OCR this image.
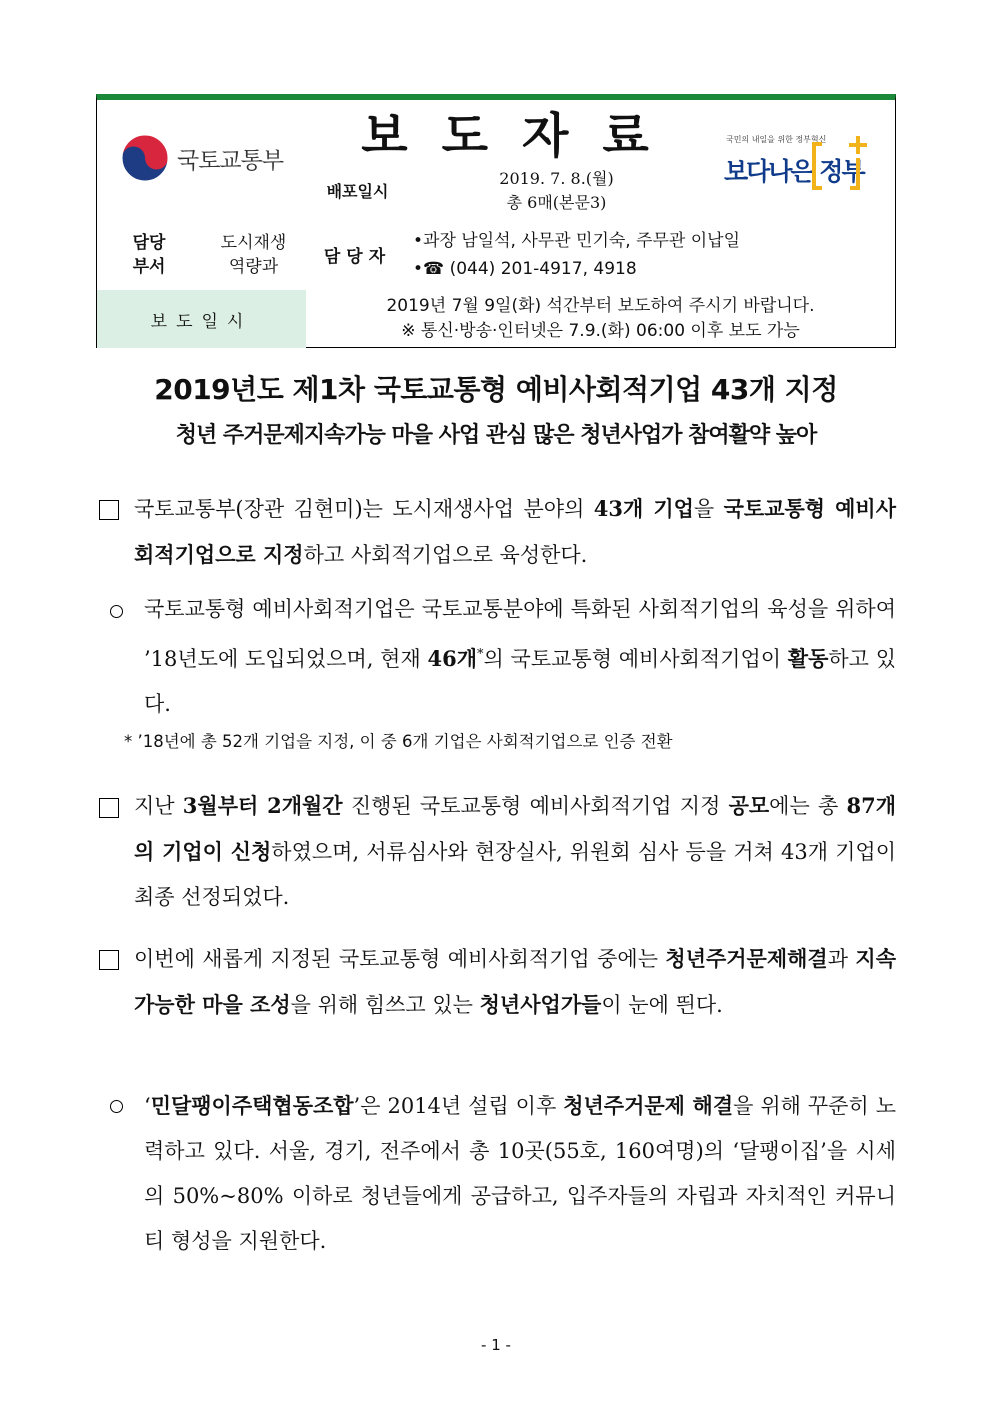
국토교통부 보도자료	국민의 내일을 위한 정부혁신
보다나은 정부
배포일시
2019. 7. 8.(월)
총 6매(본문3)
담당
부서
도시재생
역량과	담당자
•과장 남일석, 사무관 민기숙, 주무관 이납일
•☎ (044) 201-4917, 4918
보도일시
2019년 7월 9일(화) 석간부터 보도하여 주시기 바랍니다.
※ 통신·방송·인터넷은 7.9.(화) 06:00 이후 보도 가능
2019년도 제1차 국토교통형 예비사회적기업 43개 지정
청년 주거문제지속가능 마을 사업 관심 많은 청년사업가 참여활약 높아
국토교통부(장관 김현미)는 도시재생사업 분야의 43개 기업을 국토교통형 예비사회적기업으로 지정하고 사회적기업으로 육성한다.
국토교통형 예비사회적기업은 국토교통분야에 특화된 사회적기업의 육성을 위하여 ’18년도에 도입되었으며, 현재 46개*의 국토교통형 예비사회적기업이 활동하고 있다.
* ’18년에 총 52개 기업을 지정, 이 중 6개 기업은 사회적기업으로 인증 전환
지난 3월부터 2개월간 진행된 국토교통형 예비사회적기업 지정 공모에는 총 87개의 기업이 신청하였으며, 서류심사와 현장실사, 위원회 심사 등을 거쳐 43개 기업이 최종 선정되었다.
이번에 새롭게 지정된 국토교통형 예비사회적기업 중에는 청년주거문제해결과 지속가능한 마을 조성을 위해 힘쓰고 있는 청년사업가들이 눈에 띈다.
‘민달팽이주택협동조합’은 2014년 설립 이후 청년주거문제 해결을 위해 꾸준히 노력하고 있다. 서울, 경기, 전주에서 총 10곳(55호, 160여명)의 ‘달팽이집’을 시세의 50%~80% 이하로 청년들에게 공급하고, 입주자들의 자립과 자치적인 커뮤니티 형성을 지원한다.
- 1 -
